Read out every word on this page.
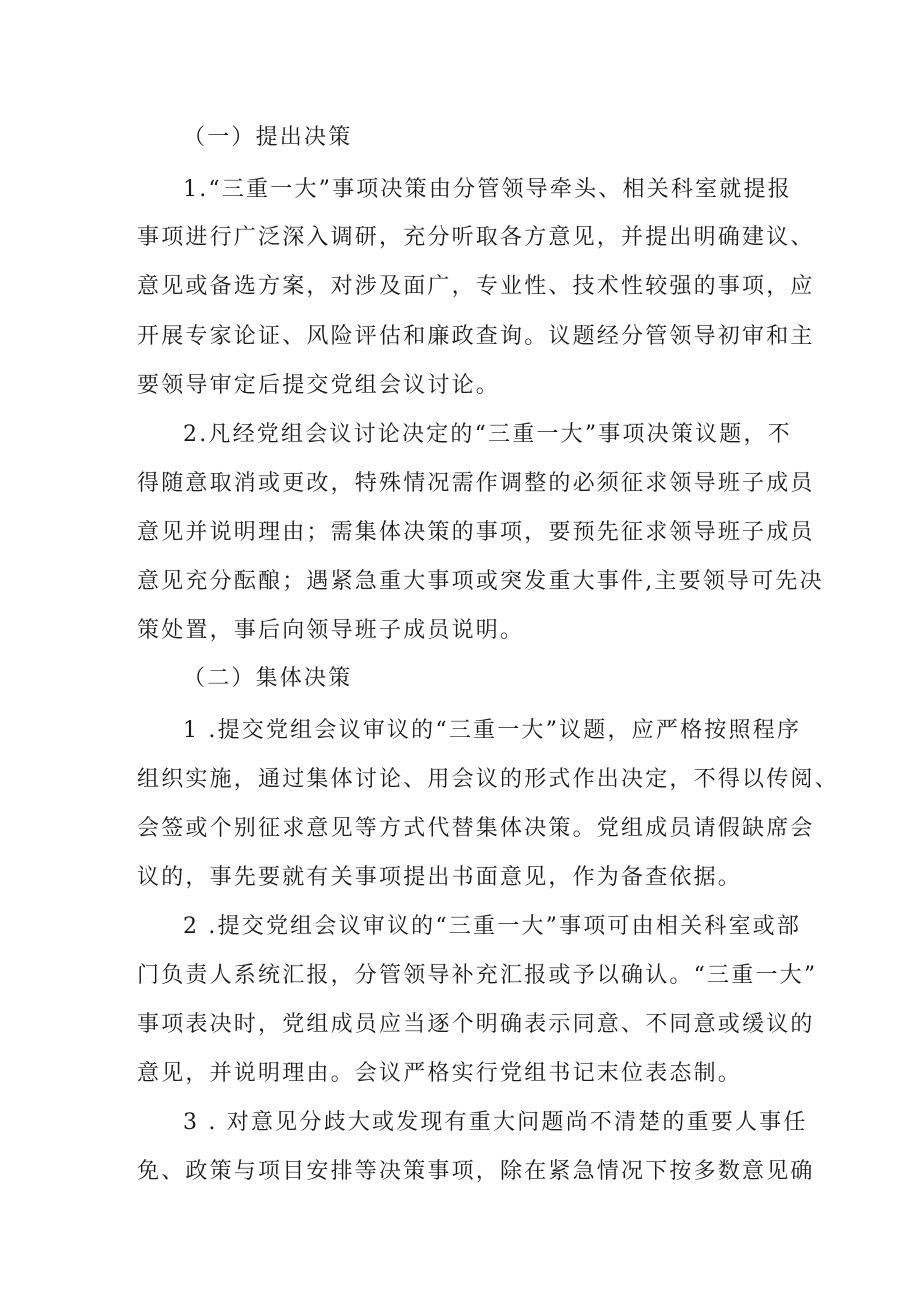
（一）提出决策
1.“三重一大”事项决策由分管领导牵头、相关科室就提报
事项进行广泛深入调研，充分听取各方意见，并提出明确建议、
意见或备选方案，对涉及面广，专业性、技术性较强的事项，应
开展专家论证、风险评估和廉政查询。议题经分管领导初审和主
要领导审定后提交党组会议讨论。
2.凡经党组会议讨论决定的“三重一大”事项决策议题，不
得随意取消或更改，特殊情况需作调整的必须征求领导班子成员
意见并说明理由；需集体决策的事项，要预先征求领导班子成员
意见充分酝酿；遇紧急重大事项或突发重大事件,主要领导可先决
策处置，事后向领导班子成员说明。
（二）集体决策
1 .提交党组会议审议的“三重一大”议题，应严格按照程序
组织实施，通过集体讨论、用会议的形式作出决定，不得以传阅、
会签或个别征求意见等方式代替集体决策。党组成员请假缺席会
议的，事先要就有关事项提出书面意见，作为备查依据。
2 .提交党组会议审议的“三重一大”事项可由相关科室或部
门负责人系统汇报，分管领导补充汇报或予以确认。“三重一大”
事项表决时，党组成员应当逐个明确表示同意、不同意或缓议的
意见，并说明理由。会议严格实行党组书记末位表态制。
3 . 对意见分歧大或发现有重大问题尚不清楚的重要人事任
免、政策与项目安排等决策事项，除在紧急情况下按多数意见确
